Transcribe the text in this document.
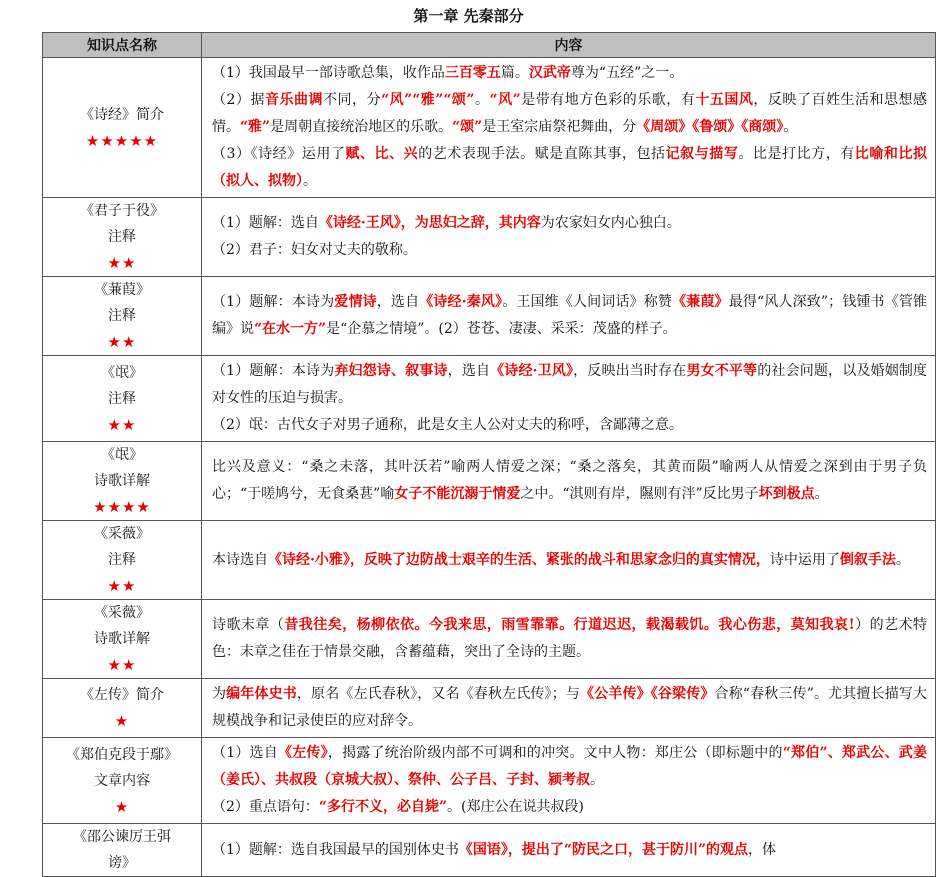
第一章 先秦部分
知识点名称	内容

《诗经》简介
★★★★★	（1）我国最早一部诗歌总集，收作品三百零五篇。汉武帝尊为“五经”之一。
（2）据音乐曲调不同，分“风”“雅”“颂”。“风”是带有地方色彩的乐歌，有十五国风，反映了百姓生活和思想感情。“雅”是周朝直接统治地区的乐歌。“颂”是王室宗庙祭祀舞曲，分《周颂》《鲁颂》《商颂》。
（3）《诗经》运用了赋、比、兴的艺术表现手法。赋是直陈其事，包括记叙与描写。比是打比方，有比喻和比拟（拟人、拟物）。

《君子于役》
注释
★★	（1）题解：选自《诗经·王风》，为思妇之辞，其内容为农家妇女内心独白。
（2）君子：妇女对丈夫的敬称。

《蒹葭》
注释
★★	（1）题解：本诗为爱情诗，选自《诗经·秦风》。王国维《人间词话》称赞《蒹葭》最得“风人深致”；钱锺书《管锥编》说“在水一方”是“企慕之情境”。(2）苍苍、凄凄、采采：茂盛的样子。

《氓》
注释
★★	（1）题解：本诗为弃妇怨诗、叙事诗，选自《诗经·卫风》，反映出当时存在男女不平等的社会问题，以及婚姻制度对女性的压迫与损害。
（2）氓：古代女子对男子通称，此是女主人公对丈夫的称呼，含鄙薄之意。

《氓》
诗歌详解
★★★★	比兴及意义：“桑之未落，其叶沃若”喻两人情爱之深；“桑之落矣，其黄而陨”喻两人从情爱之深到由于男子负心；“于嗟鸠兮，无食桑葚”喻女子不能沉溺于情爱之中。“淇则有岸，隰则有泮”反比男子坏到极点。

《采薇》
注释
★★	本诗选自《诗经·小雅》，反映了边防战士艰辛的生活、紧张的战斗和思家念归的真实情况，诗中运用了倒叙手法。

《采薇》
诗歌详解
★★	诗歌末章（昔我往矣，杨柳依依。今我来思，雨雪霏霏。行道迟迟，载渴载饥。我心伤悲，莫知我哀!）的艺术特色：末章之佳在于情景交融，含蓄蕴藉，突出了全诗的主题。

《左传》简介
★	为编年体史书，原名《左氏春秋》，又名《春秋左氏传》；与《公羊传》《谷梁传》合称“春秋三传”。尤其擅长描写大规模战争和记录使臣的应对辞令。

《郑伯克段于鄢》
文章内容
★	（1）选自《左传》，揭露了统治阶级内部不可调和的冲突。文中人物：郑庄公（即标题中的“郑伯”、郑武公、武姜（姜氏）、共叔段（京城大叔）、祭仲、公子吕、子封、颍考叔。
（2）重点语句：“多行不义，必自毙”。(郑庄公在说共叔段)

《邵公谏厉王弭
谤》	（1）题解：选自我国最早的国别体史书《国语》，提出了“防民之口，甚于防川”的观点，体
